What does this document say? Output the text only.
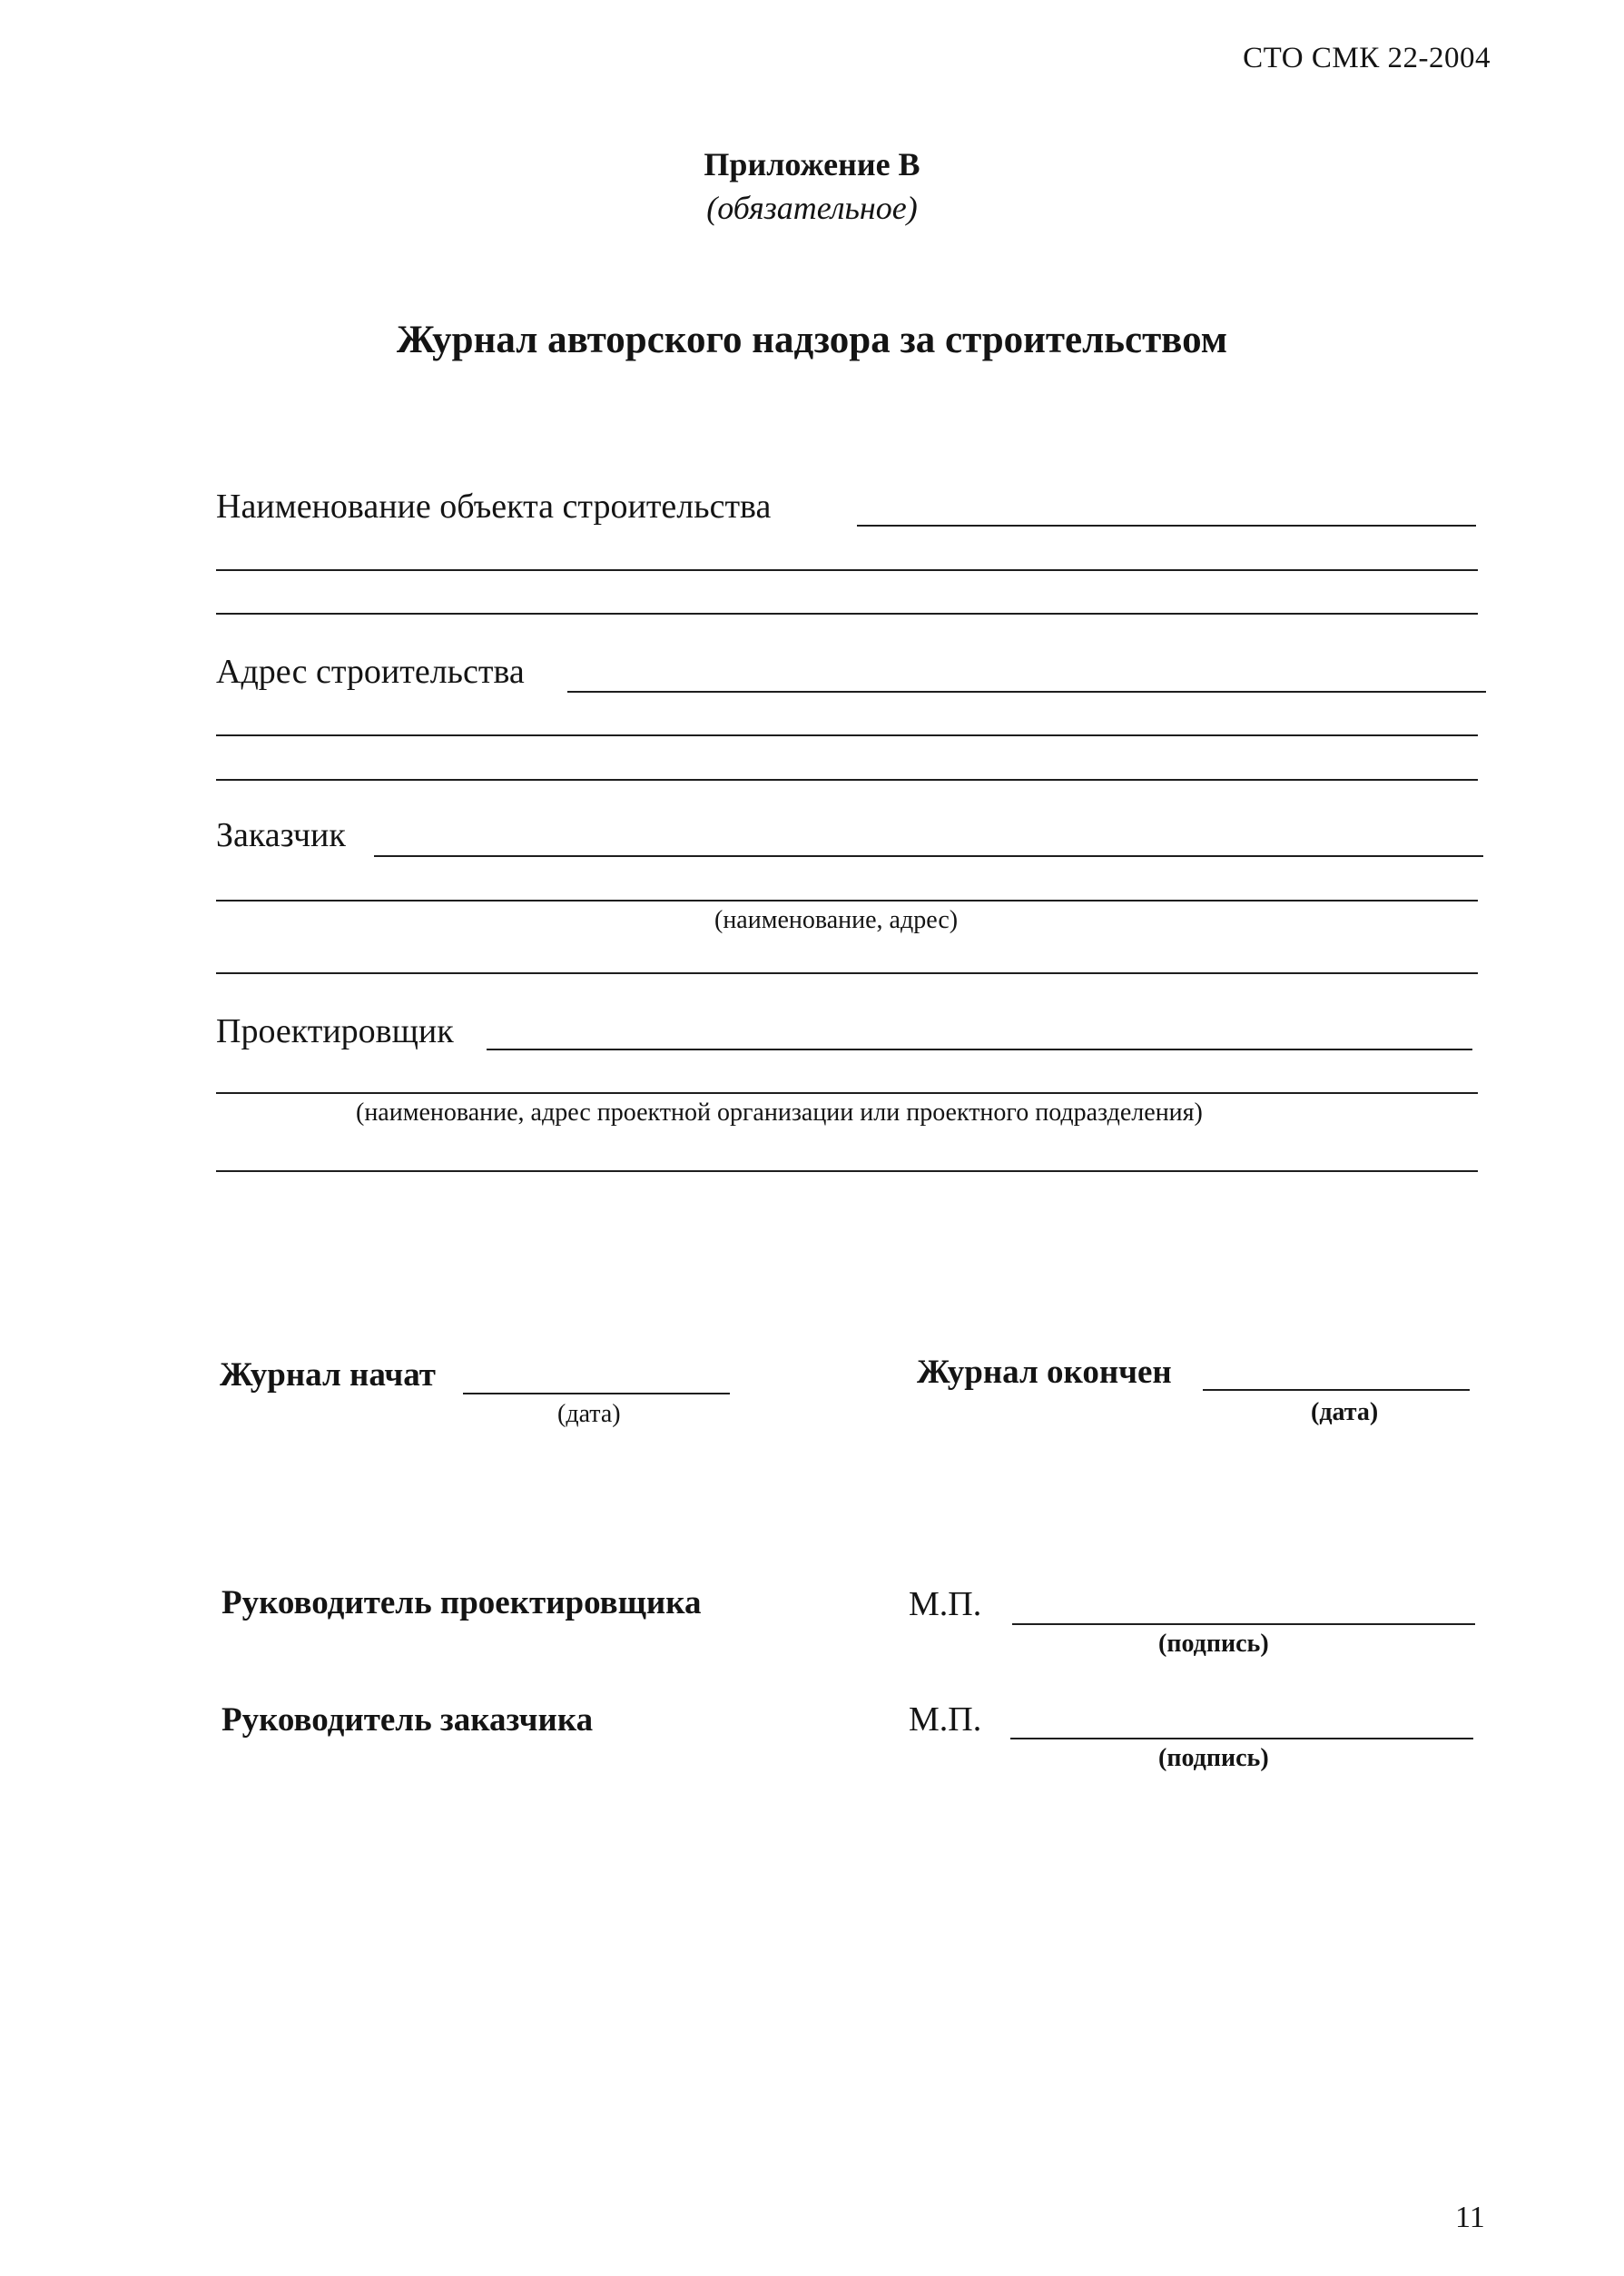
СТО СМК 22-2004
Приложение В
(обязательное)
Журнал авторского надзора за строительством
Наименование объекта строительства
Адрес строительства
Заказчик
(наименование, адрес)
Проектировщик
(наименование, адрес проектной организации или проектного подразделения)
Журнал начат
(дата)
Журнал окончен
(дата)
Руководитель проектировщика	М.П.
(подпись)
Руководитель заказчика	М.П.
(подпись)
11
